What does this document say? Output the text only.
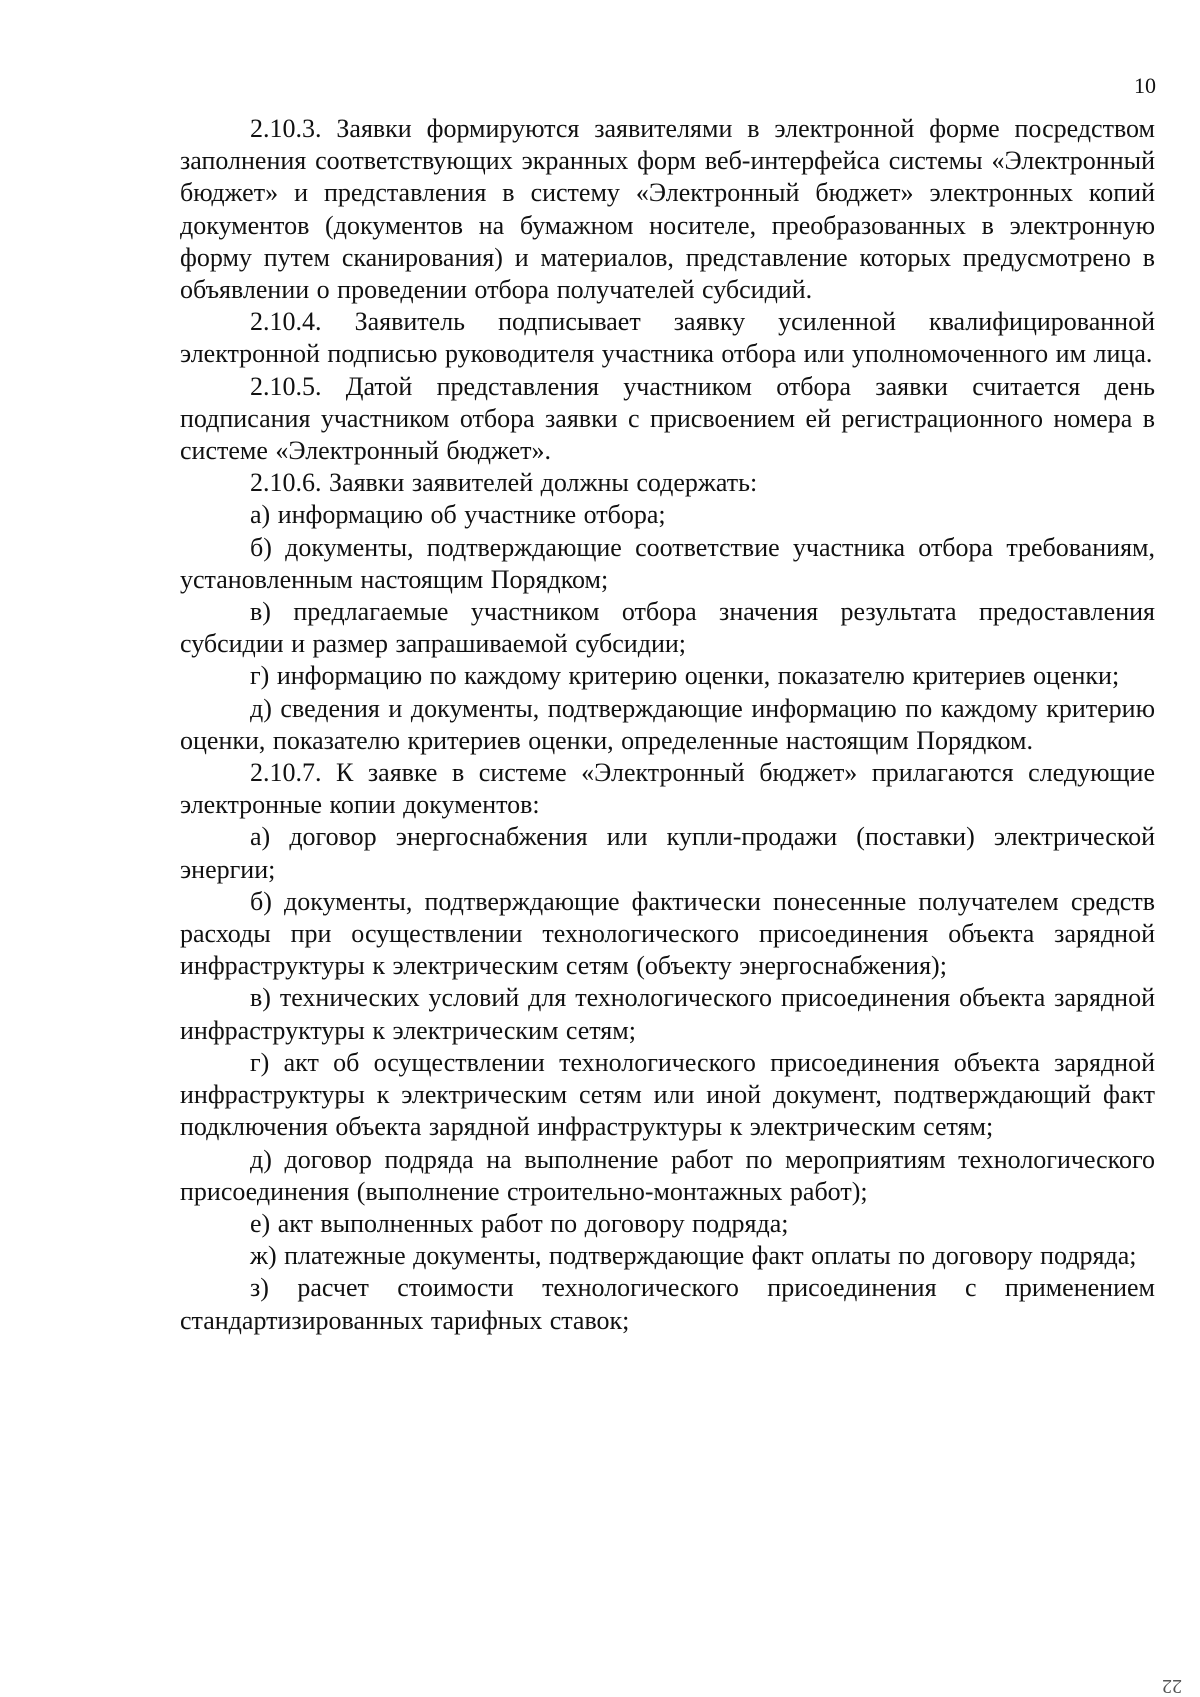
10

2.10.3. Заявки формируются заявителями в электронной форме посредством заполнения соответствующих экранных форм веб-интерфейса системы «Электронный бюджет» и представления в систему «Электронный бюджет» электронных копий документов (документов на бумажном носителе, преобразованных в электронную форму путем сканирования) и материалов, представление которых предусмотрено в объявлении о проведении отбора получателей субсидий.

2.10.4. Заявитель подписывает заявку усиленной квалифицированной электронной подписью руководителя участника отбора или уполномоченного им лица.

2.10.5. Датой представления участником отбора заявки считается день подписания участником отбора заявки с присвоением ей регистрационного номера в системе «Электронный бюджет».

2.10.6. Заявки заявителей должны содержать:

а) информацию об участнике отбора;

б) документы, подтверждающие соответствие участника отбора требованиям, установленным настоящим Порядком;

в) предлагаемые участником отбора значения результата предоставления субсидии и размер запрашиваемой субсидии;

г) информацию по каждому критерию оценки, показателю критериев оценки;

д) сведения и документы, подтверждающие информацию по каждому критерию оценки, показателю критериев оценки, определенные настоящим Порядком.

2.10.7. К заявке в системе «Электронный бюджет» прилагаются следующие электронные копии документов:

а) договор энергоснабжения или купли-продажи (поставки) электрической энергии;

б) документы, подтверждающие фактически понесенные получателем средств расходы при осуществлении технологического присоединения объекта зарядной инфраструктуры к электрическим сетям (объекту энергоснабжения);

в) технических условий для технологического присоединения объекта зарядной инфраструктуры к электрическим сетям;

г) акт об осуществлении технологического присоединения объекта зарядной инфраструктуры к электрическим сетям или иной документ, подтверждающий факт подключения объекта зарядной инфраструктуры к электрическим сетям;

д) договор подряда на выполнение работ по мероприятиям технологического присоединения (выполнение строительно-монтажных работ);

е) акт выполненных работ по договору подряда;

ж) платежные документы, подтверждающие факт оплаты по договору подряда;

з) расчет стоимости технологического присоединения с применением стандартизированных тарифных ставок;

22
